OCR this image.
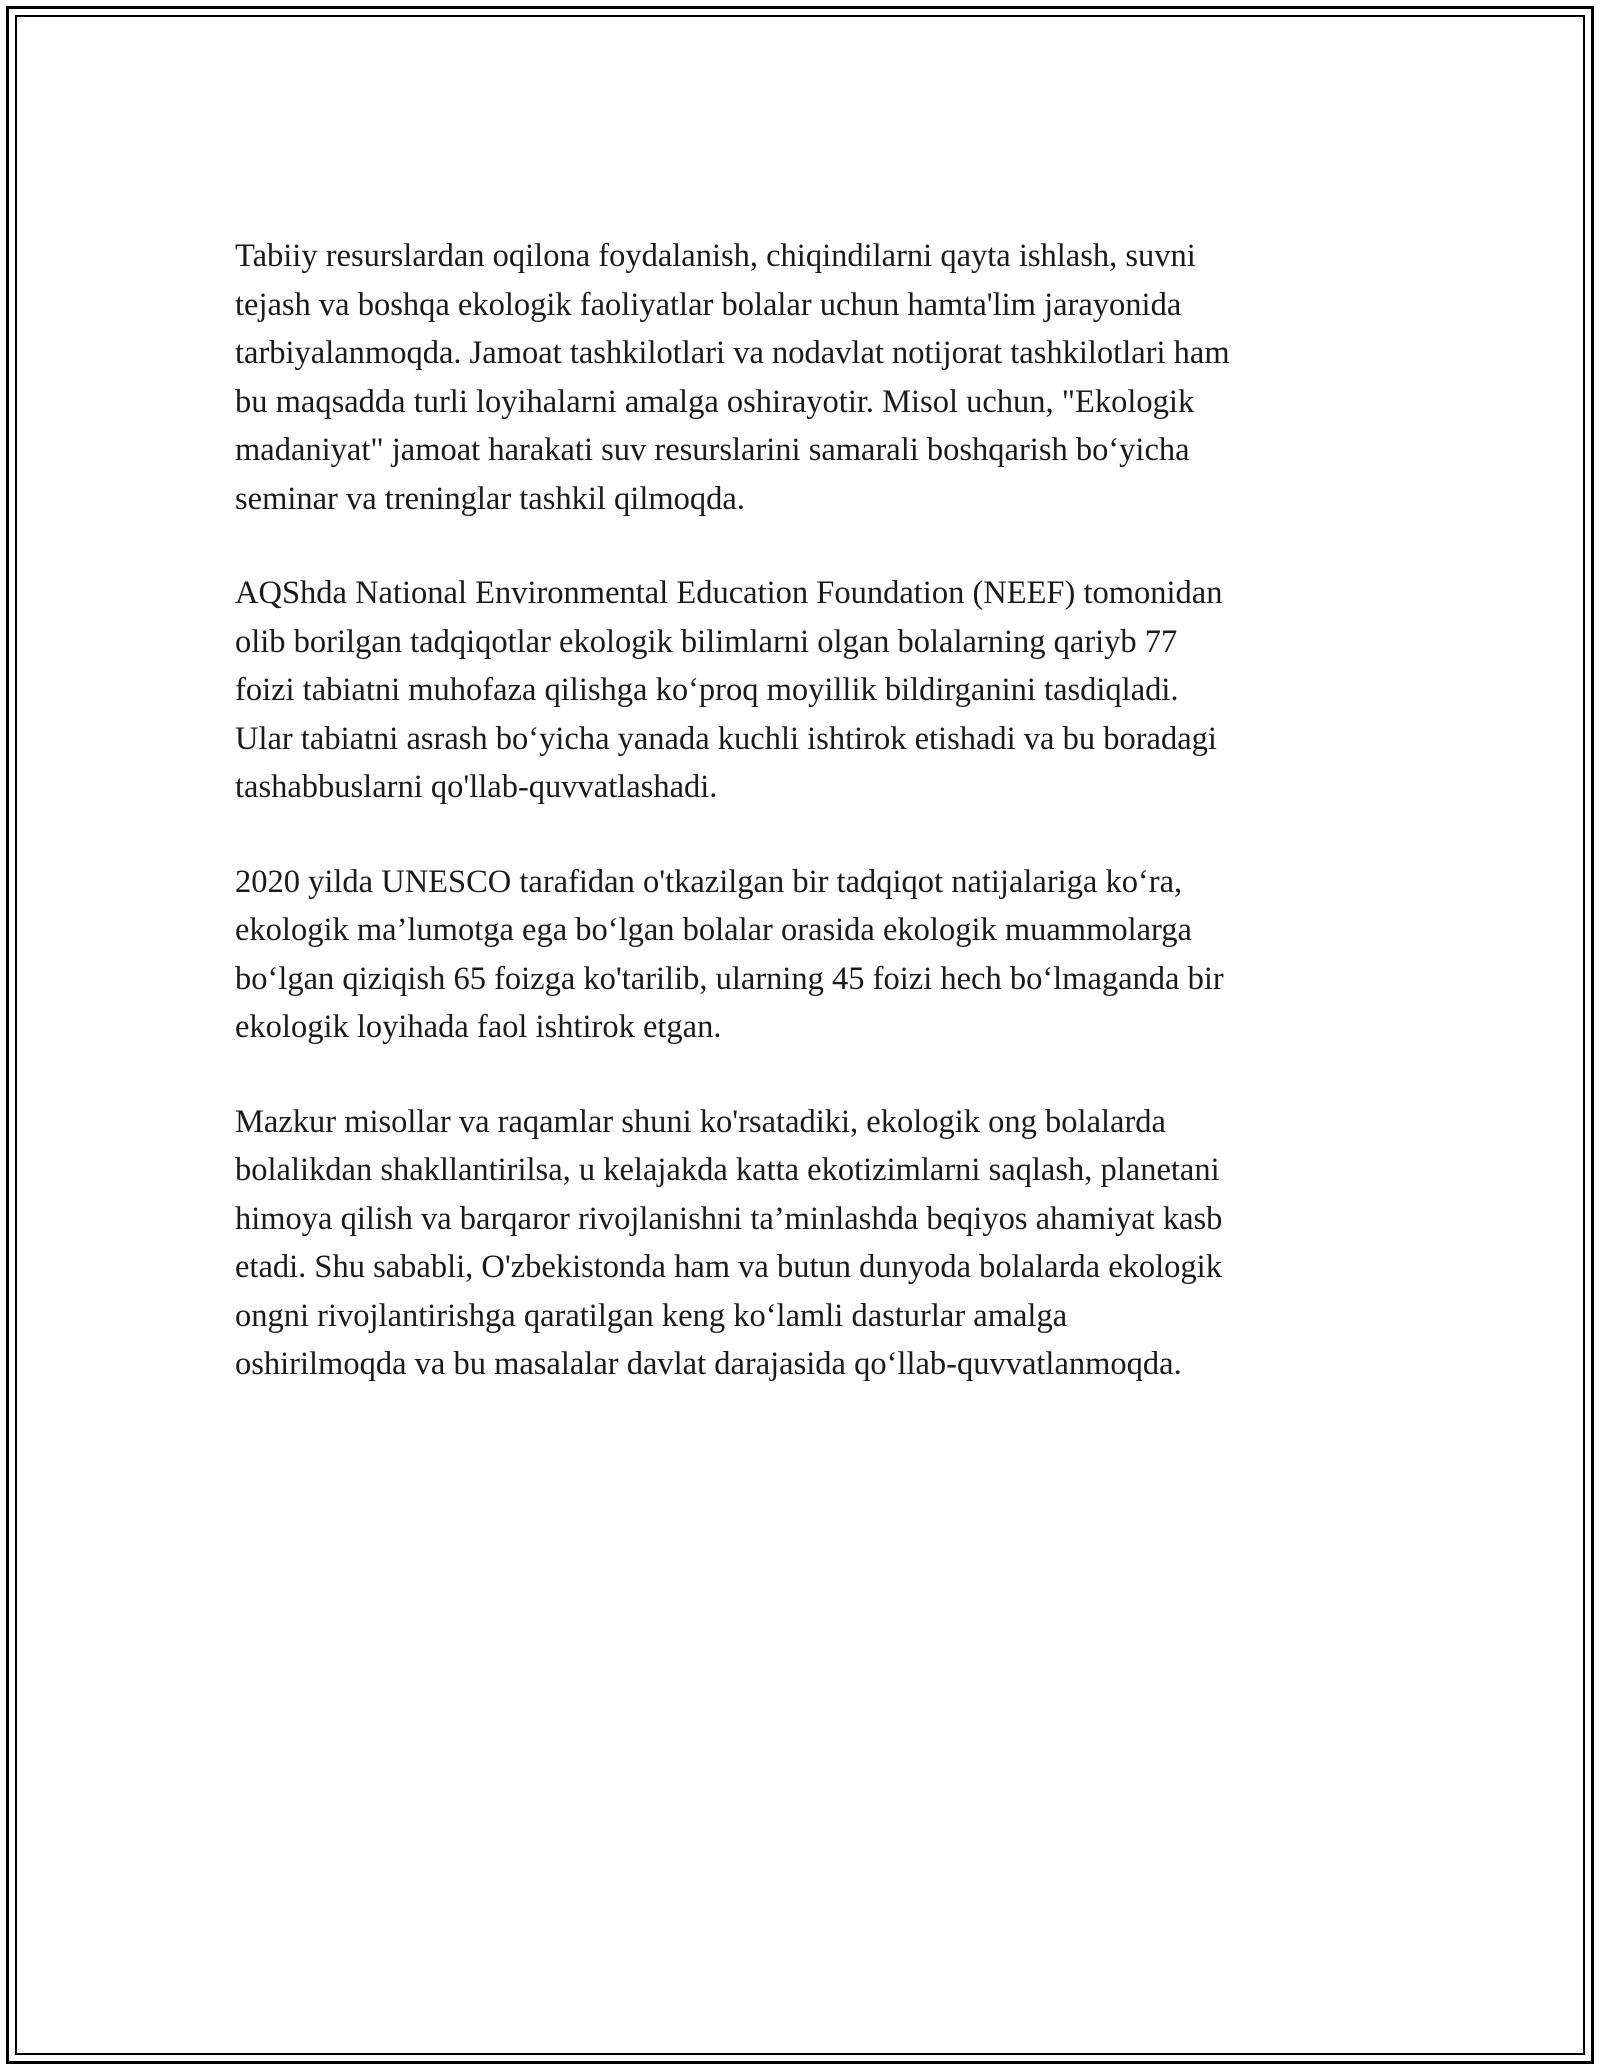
Tabiiy resurslardan oqilona foydalanish, chiqindilarni qayta ishlash, suvni
tejash va boshqa ekologik faoliyatlar bolalar uchun hamta'lim jarayonida
tarbiyalanmoqda. Jamoat tashkilotlari va nodavlat notijorat tashkilotlari ham
bu maqsadda turli loyihalarni amalga oshirayotir. Misol uchun, "Ekologik
madaniyat" jamoat harakati suv resurslarini samarali boshqarish bo‘yicha
seminar va treninglar tashkil qilmoqda.

AQShda National Environmental Education Foundation (NEEF) tomonidan
olib borilgan tadqiqotlar ekologik bilimlarni olgan bolalarning qariyb 77
foizi tabiatni muhofaza qilishga ko‘proq moyillik bildirganini tasdiqladi.
Ular tabiatni asrash bo‘yicha yanada kuchli ishtirok etishadi va bu boradagi
tashabbuslarni qo'llab-quvvatlashadi.

2020 yilda UNESCO tarafidan o'tkazilgan bir tadqiqot natijalariga ko‘ra,
ekologik ma’lumotga ega bo‘lgan bolalar orasida ekologik muammolarga
bo‘lgan qiziqish 65 foizga ko'tarilib, ularning 45 foizi hech bo‘lmaganda bir
ekologik loyihada faol ishtirok etgan.

Mazkur misollar va raqamlar shuni ko'rsatadiki, ekologik ong bolalarda
bolalikdan shakllantirilsa, u kelajakda katta ekotizimlarni saqlash, planetani
himoya qilish va barqaror rivojlanishni ta’minlashda beqiyos ahamiyat kasb
etadi. Shu sababli, O'zbekistonda ham va butun dunyoda bolalarda ekologik
ongni rivojlantirishga qaratilgan keng ko‘lamli dasturlar amalga
oshirilmoqda va bu masalalar davlat darajasida qo‘llab-quvvatlanmoqda.
